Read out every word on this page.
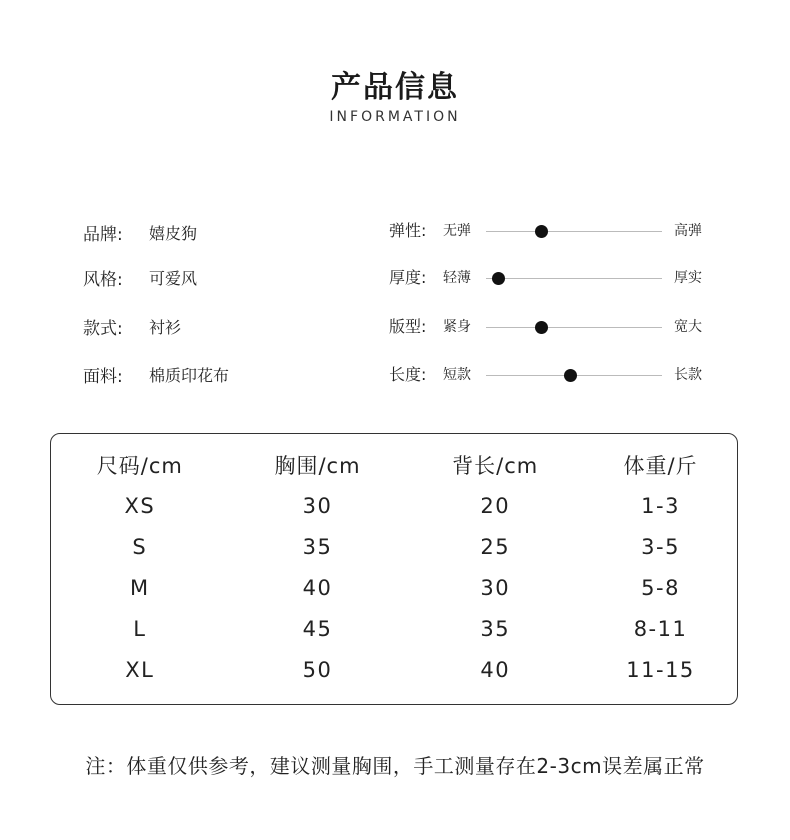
产品信息
INFORMATION
品牌:	嬉皮狗
风格:	可爱风
款式:	衬衫
面料:	棉质印花布
弹性: 无弹	高弹
厚度: 轻薄	厚实
版型: 紧身	宽大
长度: 短款	长款
尺码/cm	胸围/cm	背长/cm	体重/斤
XS	30	20	1-3
S	35	25	3-5
M	40	30	5-8
L	45	35	8-11
XL	50	40	11-15
注：体重仅供参考，建议测量胸围，手工测量存在2-3cm误差属正常
